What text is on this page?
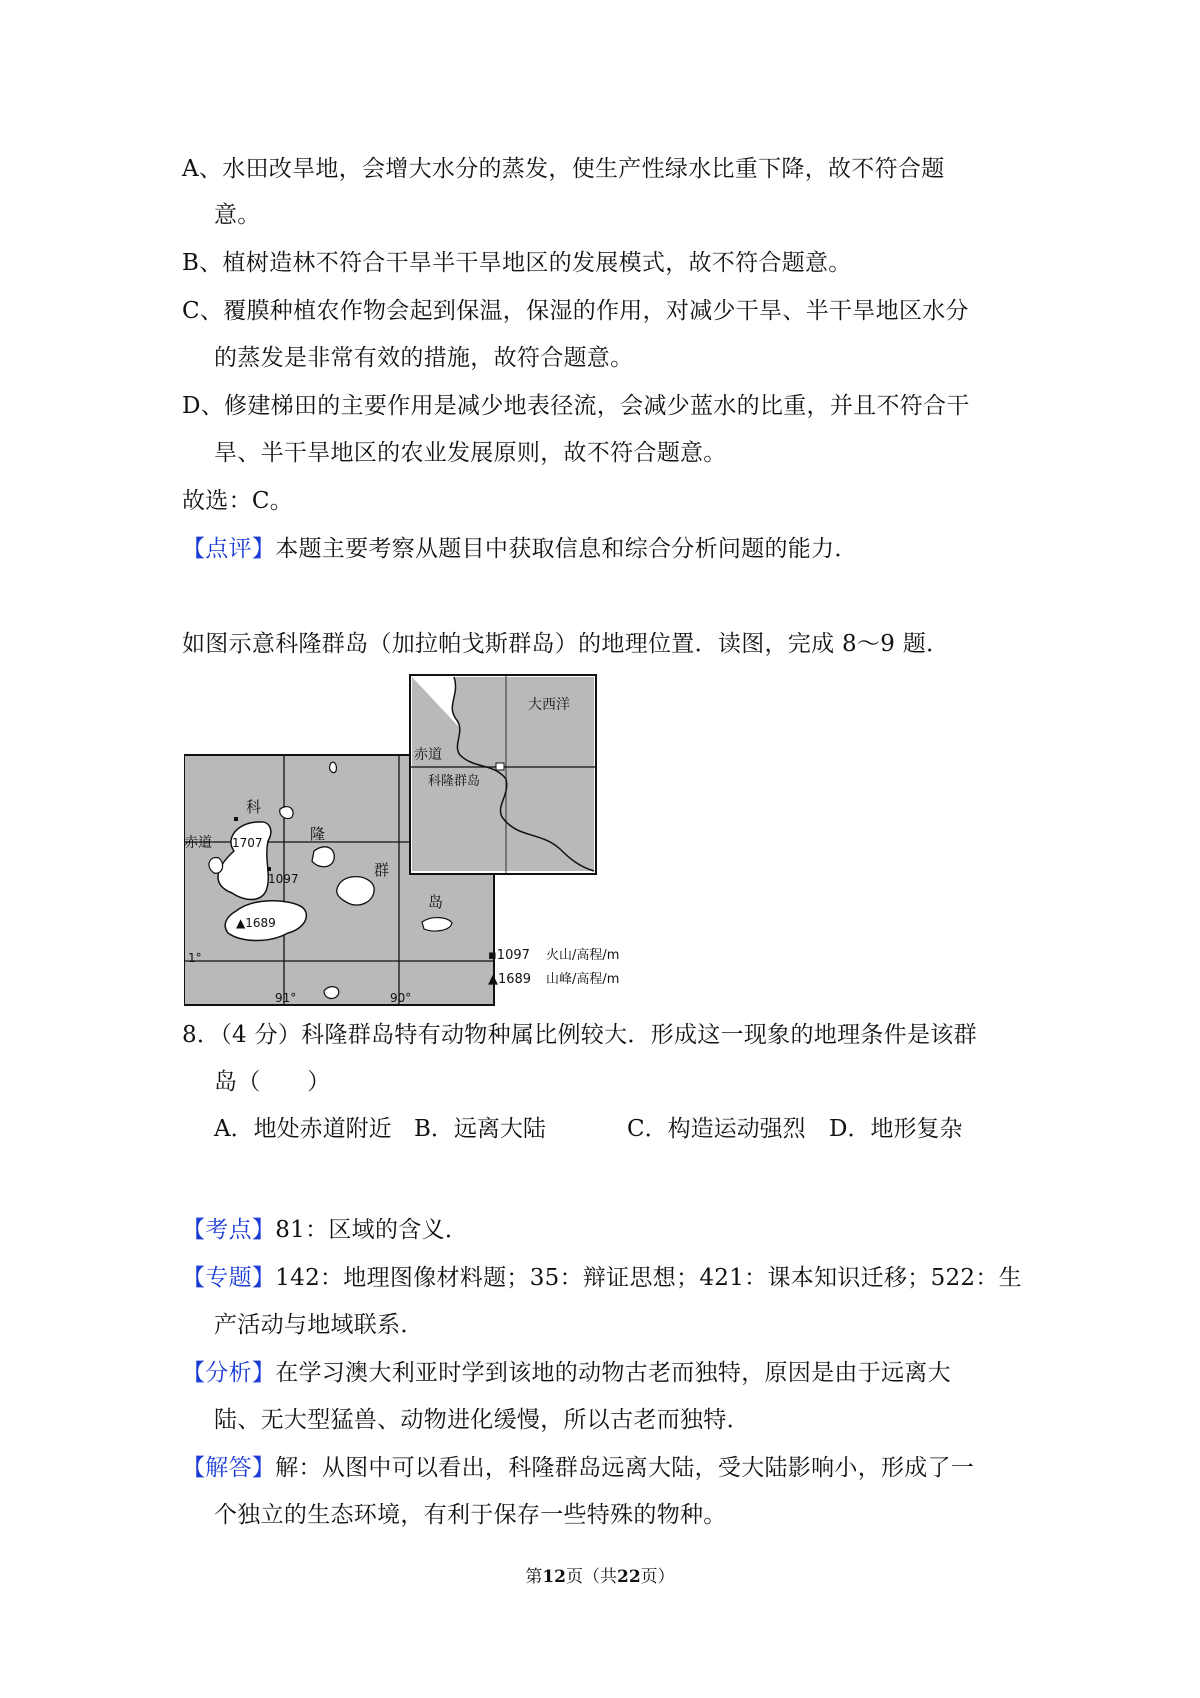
A、水田改旱地，会增大水分的蒸发，使生产性绿水比重下降，故不符合题
意。
B、植树造林不符合干旱半干旱地区的发展模式，故不符合题意。
C、覆膜种植农作物会起到保温，保湿的作用，对减少干旱、半干旱地区水分
的蒸发是非常有效的措施，故符合题意。
D、修建梯田的主要作用是减少地表径流，会减少蓝水的比重，并且不符合干
旱、半干旱地区的农业发展原则，故不符合题意。
故选：C。
【点评】本题主要考察从题目中获取信息和综合分析问题的能力．
如图示意科隆群岛（加拉帕戈斯群岛）的地理位置．读图，完成 8～9 题．
科
隆
群
岛
赤道 1707
1097
▲1689
1°
91°	90°
大西洋
赤道
科隆群岛
▪1097 火山/高程/m
▲1689 山峰/高程/m
8．（4 分）科隆群岛特有动物种属比例较大．形成这一现象的地理条件是该群
岛（　　）
A．地处赤道附近 B．远离大陆	C．构造运动强烈 D．地形复杂
【考点】81：区域的含义．
【专题】142：地理图像材料题；35：辩证思想；421：课本知识迁移；522：生
产活动与地域联系．
【分析】在学习澳大利亚时学到该地的动物古老而独特，原因是由于远离大
陆、无大型猛兽、动物进化缓慢，所以古老而独特．
【解答】解：从图中可以看出，科隆群岛远离大陆，受大陆影响小，形成了一
个独立的生态环境，有利于保存一些特殊的物种。
第12页（共22页）
